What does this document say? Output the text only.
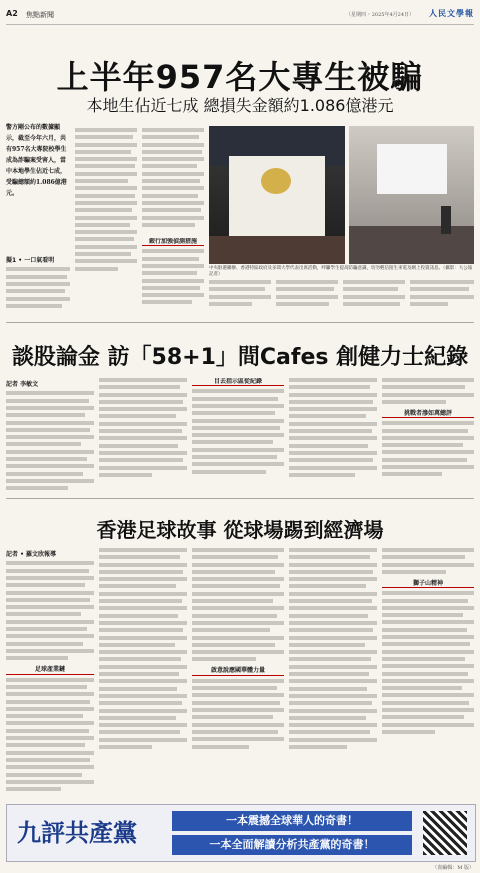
A2 焦點新聞	（星期四 ･ 2025年4月24日） 人民文學報
上半年957名大專生被騙
本地生佔近七成 總損失金額約1.086億港元
警方剛公布的數據顯示，截至今年六月，共有957名大專院校學生成為詐騙案受害人，當中本地學生佔近七成，受騙總額約1.086億港元。
擬1 • 一口氣看明
銀行加強偵測措施
中央駐港聯辦、香港特區政府及多間大學代表出席活動，呼籲學生提高防騙意識，切勿輕信陌生來電及網上投資訊息。（攝影：大公報記者）
談股論金 訪「58+1」間Cafes 創健力士紀錄
記者 李敏文	目去指示區從紀錄
挑戰者滲如萬總評
香港足球故事 從球場踢到經濟場
記者 • 羅文欣報導
足球產業鏈	啟意說應國華體力量
獅子山精神
九評共產黨	一本震撼全球華人的奇書！
一本全面解讀分析共產黨的奇書！
（責編輯：M 版）
